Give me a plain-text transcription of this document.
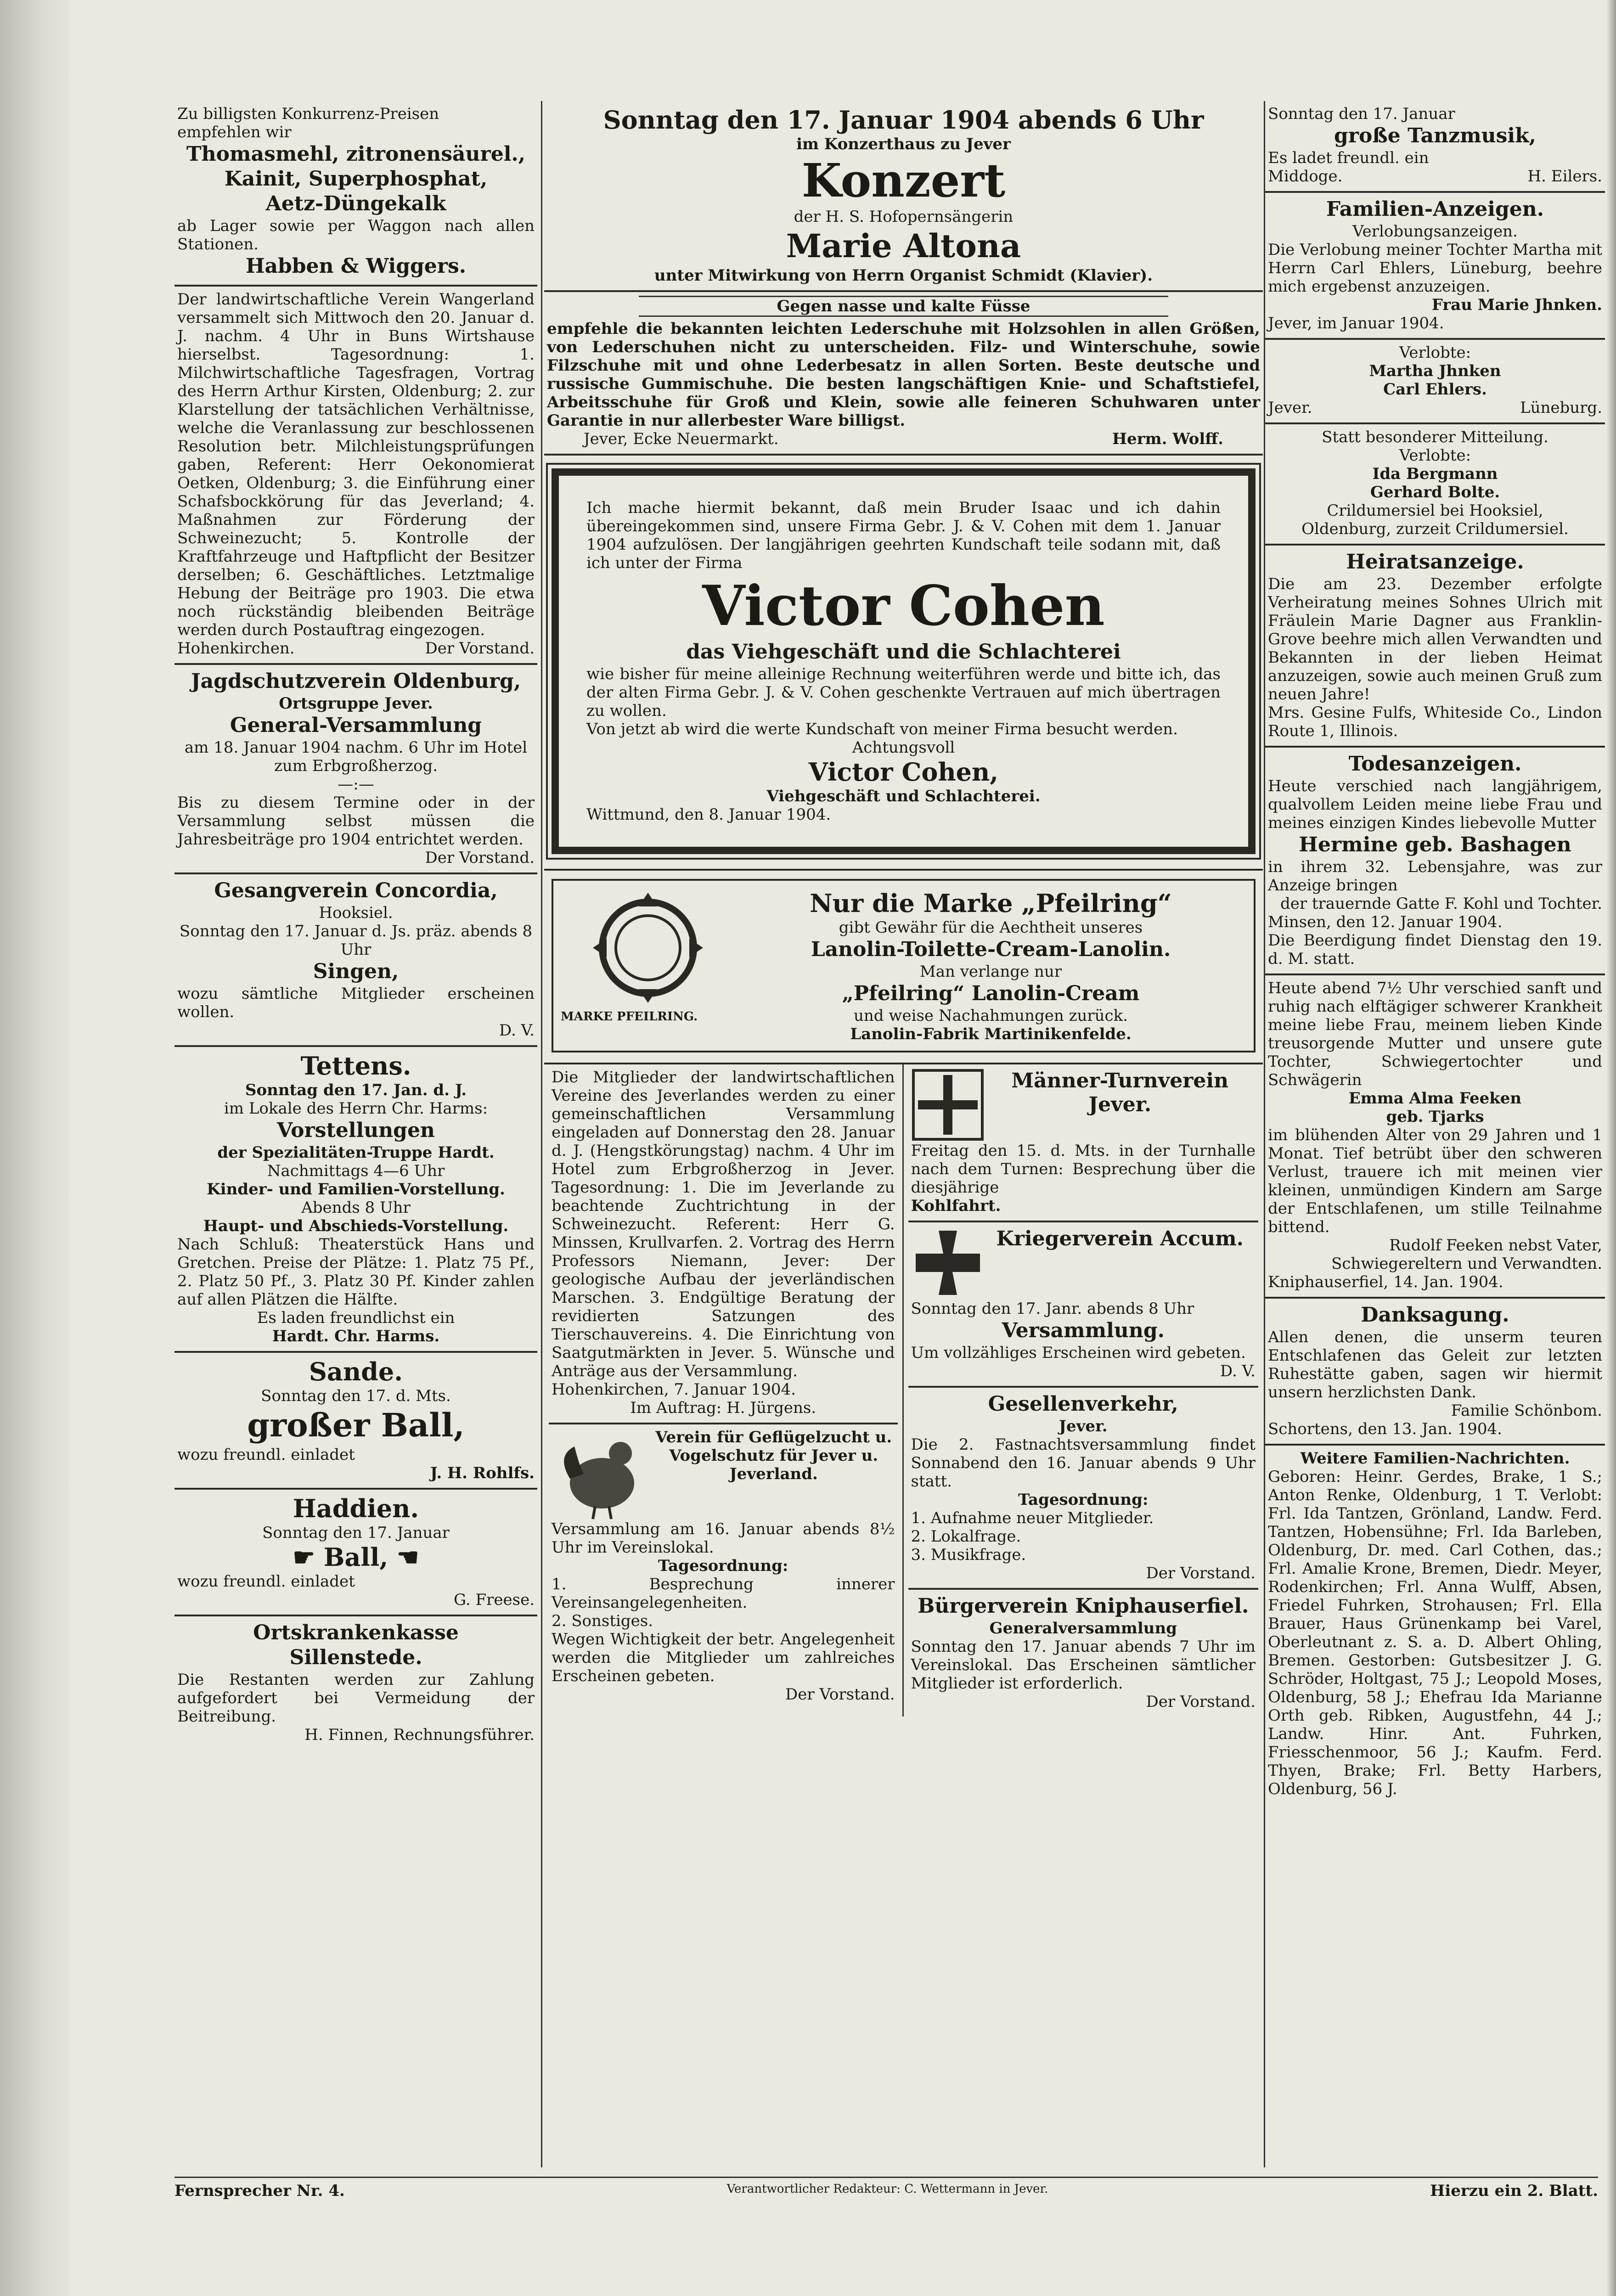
Zu billigsten Konkurrenz-Preisen

empfehlen wir

Thomasmehl, zitronensäurel.,
Kainit, Superphosphat,
Aetz-Düngekalk

ab Lager sowie per Waggon nach allen Stationen.

Habben & Wiggers.

Der landwirtschaftliche Verein Wangerland versammelt sich Mittwoch den 20. Januar d. J. nachm. 4 Uhr in Buns Wirtshause hierselbst. Tagesordnung: 1. Milchwirtschaftliche Tagesfragen, Vortrag des Herrn Arthur Kirsten, Oldenburg; 2. zur Klarstellung der tatsächlichen Verhältnisse, welche die Veranlassung zur beschlossenen Resolution betr. Milchleistungsprüfungen gaben, Referent: Herr Oekonomierat Oetken, Oldenburg; 3. die Einführung einer Schafsbockkörung für das Jeverland; 4. Maßnahmen zur Förderung der Schweinezucht; 5. Kontrolle der Kraftfahrzeuge und Haftpflicht der Besitzer derselben; 6. Geschäftliches. Letztmalige Hebung der Beiträge pro 1903. Die etwa noch rückständig bleibenden Beiträge werden durch Postauftrag eingezogen.

Hohenkirchen.	Der Vorstand.
Jagdschutzverein Oldenburg,

Ortsgruppe Jever.

General-Versammlung

am 18. Januar 1904 nachm. 6 Uhr im Hotel zum Erbgroßherzog.

—:—

Bis zu diesem Termine oder in der Versammlung selbst müssen die Jahresbeiträge pro 1904 entrichtet werden.

Der Vorstand.

Gesangverein Concordia,

Hooksiel.

Sonntag den 17. Januar d. Js. präz. abends 8 Uhr

Singen,

wozu sämtliche Mitglieder erscheinen wollen.

D. V.

Tettens.

Sonntag den 17. Jan. d. J.

im Lokale des Herrn Chr. Harms:

Vorstellungen

der Spezialitäten-Truppe Hardt.

Nachmittags 4—6 Uhr

Kinder- und Familien-Vorstellung.

Abends 8 Uhr

Haupt- und Abschieds-Vorstellung.

Nach Schluß: Theaterstück Hans und Gretchen. Preise der Plätze: 1. Platz 75 Pf., 2. Platz 50 Pf., 3. Platz 30 Pf. Kinder zahlen auf allen Plätzen die Hälfte.

Es laden freundlichst ein

Hardt. Chr. Harms.

Sande.

Sonntag den 17. d. Mts.

großer Ball,

wozu freundl. einladet

J. H. Rohlfs.

Haddien.

Sonntag den 17. Januar

☛ Ball, ☚

wozu freundl. einladet

G. Freese.

Ortskrankenkasse
Sillenstede.

Die Restanten werden zur Zahlung aufgefordert bei Vermeidung der Beitreibung.

H. Finnen, Rechnungsführer.

Sonntag den 17. Januar 1904 abends 6 Uhr

im Konzerthaus zu Jever

Konzert

der H. S. Hofopernsängerin

Marie Altona

unter Mitwirkung von Herrn Organist Schmidt (Klavier).

Gegen nasse und kalte Füsse

empfehle die bekannten leichten Lederschuhe mit Holzsohlen in allen Größen, von Lederschuhen nicht zu unterscheiden. Filz- und Winterschuhe, sowie Filzschuhe mit und ohne Lederbesatz in allen Sorten. Beste deutsche und russische Gummischuhe. Die besten langschäftigen Knie- und Schaftstiefel, Arbeitsschuhe für Groß und Klein, sowie alle feineren Schuhwaren unter Garantie in nur allerbester Ware billigst.

Jever, Ecke Neuermarkt.	Herm. Wolff.

Ich mache hiermit bekannt, daß mein Bruder Isaac und ich dahin übereingekommen sind, unsere Firma Gebr. J. & V. Cohen mit dem 1. Januar 1904 aufzulösen. Der langjährigen geehrten Kundschaft teile sodann mit, daß ich unter der Firma

Victor Cohen
das Viehgeschäft und die Schlachterei

wie bisher für meine alleinige Rechnung weiterführen werde und bitte ich, das der alten Firma Gebr. J. & V. Cohen geschenkte Vertrauen auf mich übertragen zu wollen.

Von jetzt ab wird die werte Kundschaft von meiner Firma besucht werden.

Achtungsvoll

Victor Cohen,

Viehgeschäft und Schlachterei.

Wittmund, den 8. Januar 1904.

MARKE PFEILRING.

Nur die Marke „Pfeilring“

gibt Gewähr für die Aechtheit unseres

Lanolin-Toilette-Cream-Lanolin.

Man verlange nur

„Pfeilring“ Lanolin-Cream

und weise Nachahmungen zurück.

Lanolin-Fabrik Martinikenfelde.

Die Mitglieder der landwirtschaftlichen Vereine des Jeverlandes werden zu einer gemeinschaftlichen Versammlung eingeladen auf Donnerstag den 28. Januar d. J. (Hengstkörungstag) nachm. 4 Uhr im Hotel zum Erbgroßherzog in Jever. Tagesordnung: 1. Die im Jeverlande zu beachtende Zuchtrichtung in der Schweinezucht. Referent: Herr G. Minssen, Krullvarfen. 2. Vortrag des Herrn Professors Niemann, Jever: Der geologische Aufbau der jeverländischen Marschen. 3. Endgültige Beratung der revidierten Satzungen des Tierschauvereins. 4. Die Einrichtung von Saatgutmärkten in Jever. 5. Wünsche und Anträge aus der Versammlung.

Hohenkirchen, 7. Januar 1904.

Im Auftrag: H. Jürgens.

Verein für Geflügelzucht u. Vogelschutz für Jever u. Jeverland.

Versammlung am 16. Januar abends 8½ Uhr im Vereinslokal.

Tagesordnung:

1. Besprechung innerer Vereinsangelegenheiten.

2. Sonstiges.

Wegen Wichtigkeit der betr. Angelegenheit werden die Mitglieder um zahlreiches Erscheinen gebeten.

Der Vorstand.

Männer-Turnverein Jever.

Freitag den 15. d. Mts. in der Turnhalle nach dem Turnen: Besprechung über die diesjährige

Kohlfahrt.

Kriegerverein Accum.

Sonntag den 17. Janr. abends 8 Uhr

Versammlung.

Um vollzähliges Erscheinen wird gebeten.

D. V.

Gesellenverkehr,

Jever.

Die 2. Fastnachtsversammlung findet Sonnabend den 16. Januar abends 9 Uhr statt.

Tagesordnung:

1. Aufnahme neuer Mitglieder.

2. Lokalfrage.

3. Musikfrage.

Der Vorstand.

Bürgerverein Kniphauserfiel.

Generalversammlung

Sonntag den 17. Januar abends 7 Uhr im Vereinslokal. Das Erscheinen sämtlicher Mitglieder ist erforderlich.

Der Vorstand.

Sonntag den 17. Januar

große Tanzmusik,

Es ladet freundl. ein

Middoge.	H. Eilers.
Familien-Anzeigen.

Verlobungsanzeigen.

Die Verlobung meiner Tochter Martha mit Herrn Carl Ehlers, Lüneburg, beehre mich ergebenst anzuzeigen.

Frau Marie Jhnken.

Jever, im Januar 1904.

Verlobte:

Martha Jhnken

Carl Ehlers.

Jever.	Lüneburg.

Statt besonderer Mitteilung.

Verlobte:

Ida Bergmann

Gerhard Bolte.

Crildumersiel bei Hooksiel,

Oldenburg, zurzeit Crildumersiel.

Heiratsanzeige.

Die am 23. Dezember erfolgte Verheiratung meines Sohnes Ulrich mit Fräulein Marie Dagner aus Franklin-Grove beehre mich allen Verwandten und Bekannten in der lieben Heimat anzuzeigen, sowie auch meinen Gruß zum neuen Jahre!

Mrs. Gesine Fulfs, Whiteside Co., Lindon Route 1, Illinois.

Todesanzeigen.

Heute verschied nach langjährigem, qualvollem Leiden meine liebe Frau und meines einzigen Kindes liebevolle Mutter

Hermine geb. Bashagen

in ihrem 32. Lebensjahre, was zur Anzeige bringen

der trauernde Gatte F. Kohl und Tochter.

Minsen, den 12. Januar 1904.

Die Beerdigung findet Dienstag den 19. d. M. statt.

Heute abend 7½ Uhr verschied sanft und ruhig nach elftägiger schwerer Krankheit meine liebe Frau, meinem lieben Kinde treusorgende Mutter und unsere gute Tochter, Schwiegertochter und Schwägerin

Emma Alma Feeken

geb. Tjarks

im blühenden Alter von 29 Jahren und 1 Monat. Tief betrübt über den schweren Verlust, trauere ich mit meinen vier kleinen, unmündigen Kindern am Sarge der Entschlafenen, um stille Teilnahme bittend.

Rudolf Feeken nebst Vater, Schwiegereltern und Verwandten.

Kniphauserfiel, 14. Jan. 1904.

Danksagung.

Allen denen, die unserm teuren Entschlafenen das Geleit zur letzten Ruhestätte gaben, sagen wir hiermit unsern herzlichsten Dank.

Familie Schönbom.

Schortens, den 13. Jan. 1904.

Weitere Familien-Nachrichten.

Geboren: Heinr. Gerdes, Brake, 1 S.; Anton Renke, Oldenburg, 1 T. Verlobt: Frl. Ida Tantzen, Grönland, Landw. Ferd. Tantzen, Hobensühne; Frl. Ida Barleben, Oldenburg, Dr. med. Carl Cothen, das.; Frl. Amalie Krone, Bremen, Diedr. Meyer, Rodenkirchen; Frl. Anna Wulff, Absen, Friedel Fuhrken, Strohausen; Frl. Ella Brauer, Haus Grünenkamp bei Varel, Oberleutnant z. S. a. D. Albert Ohling, Bremen. Gestorben: Gutsbesitzer J. G. Schröder, Holtgast, 75 J.; Leopold Moses, Oldenburg, 58 J.; Ehefrau Ida Marianne Orth geb. Ribken, Augustfehn, 44 J.; Landw. Hinr. Ant. Fuhrken, Friesschenmoor, 56 J.; Kaufm. Ferd. Thyen, Brake; Frl. Betty Harbers, Oldenburg, 56 J.

Fernsprecher Nr. 4.	Verantwortlicher Redakteur: C. Wettermann in Jever.	Hierzu ein 2. Blatt.
